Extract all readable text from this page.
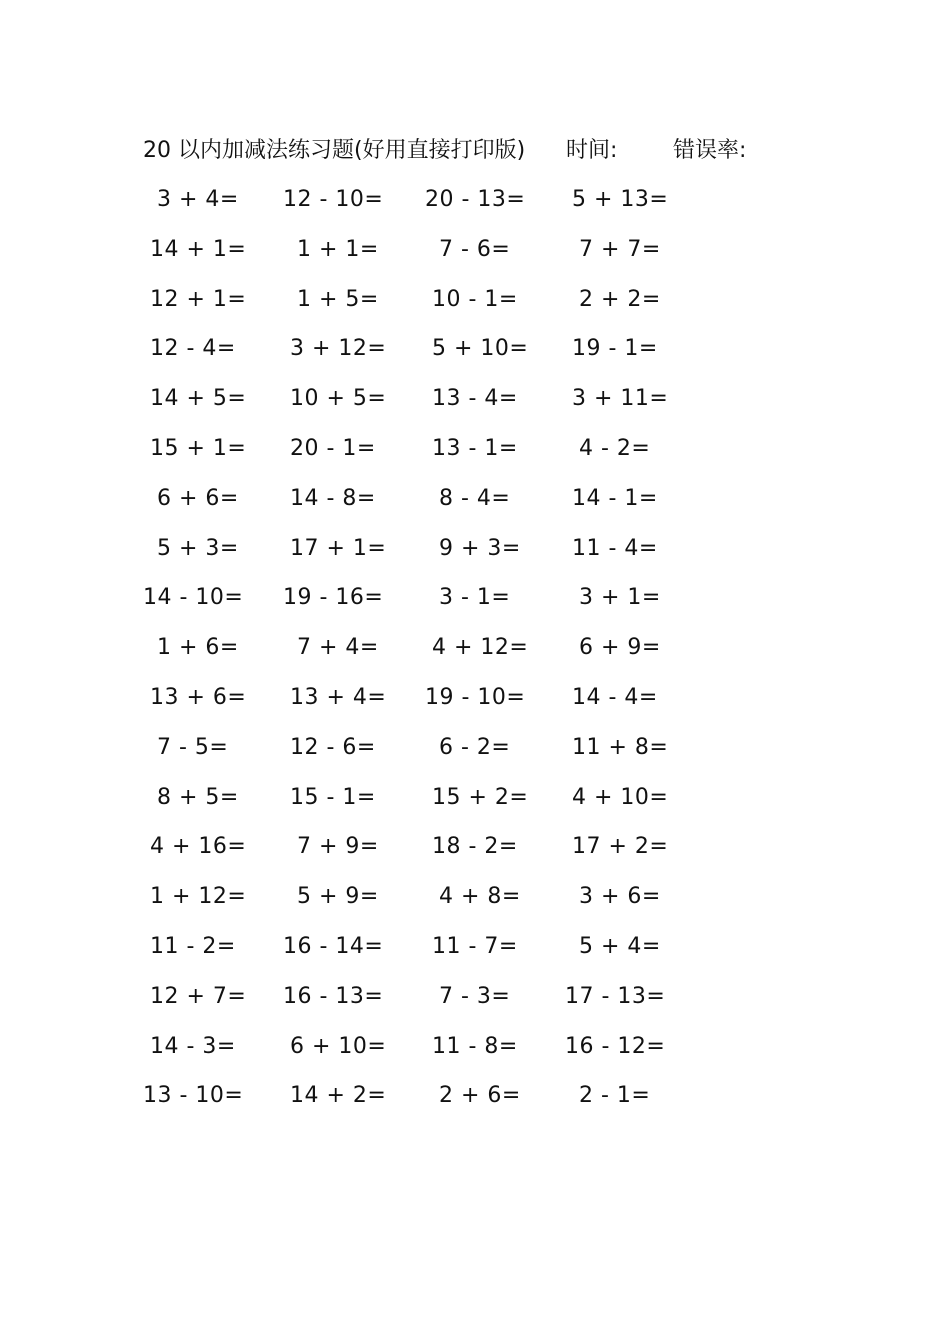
20 以内加减法练习题(好用直接打印版) 时间:	错误率:
3 + 4= 12 - 10= 20 - 13= 5 + 13=
14 + 1= 1 + 1=	7 - 6=	7 + 7=
12 + 1= 1 + 5= 10 - 1=	2 + 2=
12 - 4= 3 + 12= 5 + 10= 19 - 1=
14 + 5= 10 + 5= 13 - 4= 3 + 11=
15 + 1= 20 - 1=	13 - 1=	4 - 2=
6 + 6= 14 - 8=	8 - 4=	14 - 1=
5 + 3= 17 + 1= 9 + 3= 11 - 4=
14 - 10= 19 - 16=	3 - 1=	3 + 1=
1 + 6=	7 + 4= 4 + 12= 6 + 9=
13 + 6= 13 + 4= 19 - 10= 14 - 4=
7 - 5=	12 - 6=	6 - 2=	11 + 8=
8 + 5= 15 - 1=	15 + 2= 4 + 10=
4 + 16= 7 + 9= 18 - 2= 17 + 2=
1 + 12= 5 + 9=	4 + 8=	3 + 6=
11 - 2= 16 - 14= 11 - 7=	5 + 4=
12 + 7= 16 - 13=	7 - 3= 17 - 13=
14 - 3= 6 + 10= 11 - 8= 16 - 12=
13 - 10= 14 + 2= 2 + 6=	2 - 1=
